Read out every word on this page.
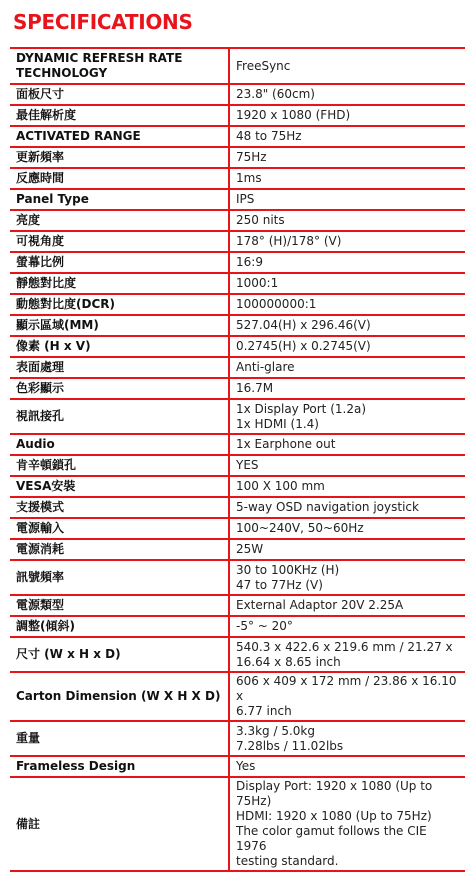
SPECIFICATIONS
DYNAMIC REFRESH RATE
TECHNOLOGY	FreeSync

面板尺寸	23.8" (60cm)

最佳解析度	1920 x 1080 (FHD)

ACTIVATED RANGE	48 to 75Hz

更新頻率	75Hz

反應時間	1ms

Panel Type	IPS

亮度	250 nits

可視角度	178° (H)/178° (V)

螢幕比例	16:9

靜態對比度	1000:1

動態對比度(DCR)	100000000:1

顯示區域(MM)	527.04(H) x 296.46(V)

像素 (H x V)	0.2745(H) x 0.2745(V)

表面處理	Anti-glare

色彩顯示	16.7M

視訊接孔	1x Display Port (1.2a)
1x HDMI (1.4)

Audio	1x Earphone out

肯辛頓鎖孔	YES

VESA安裝	100 X 100 mm

支援模式	5-way OSD navigation joystick

電源輸入	100~240V, 50~60Hz

電源消耗	25W

訊號頻率	30 to 100KHz (H)
47 to 77Hz (V)

電源類型	External Adaptor 20V 2.25A

調整(傾斜)	-5° ~ 20°

尺寸 (W x H x D)	540.3 x 422.6 x 219.6 mm / 21.27 x
16.64 x 8.65 inch

Carton Dimension (W X H X D)	606 x 409 x 172 mm / 23.86 x 16.10 x
6.77 inch

重量	3.3kg / 5.0kg
7.28lbs / 11.02lbs

Frameless Design	Yes

備註	Display Port: 1920 x 1080 (Up to 75Hz)
HDMI: 1920 x 1080 (Up to 75Hz)
The color gamut follows the CIE 1976
testing standard.
